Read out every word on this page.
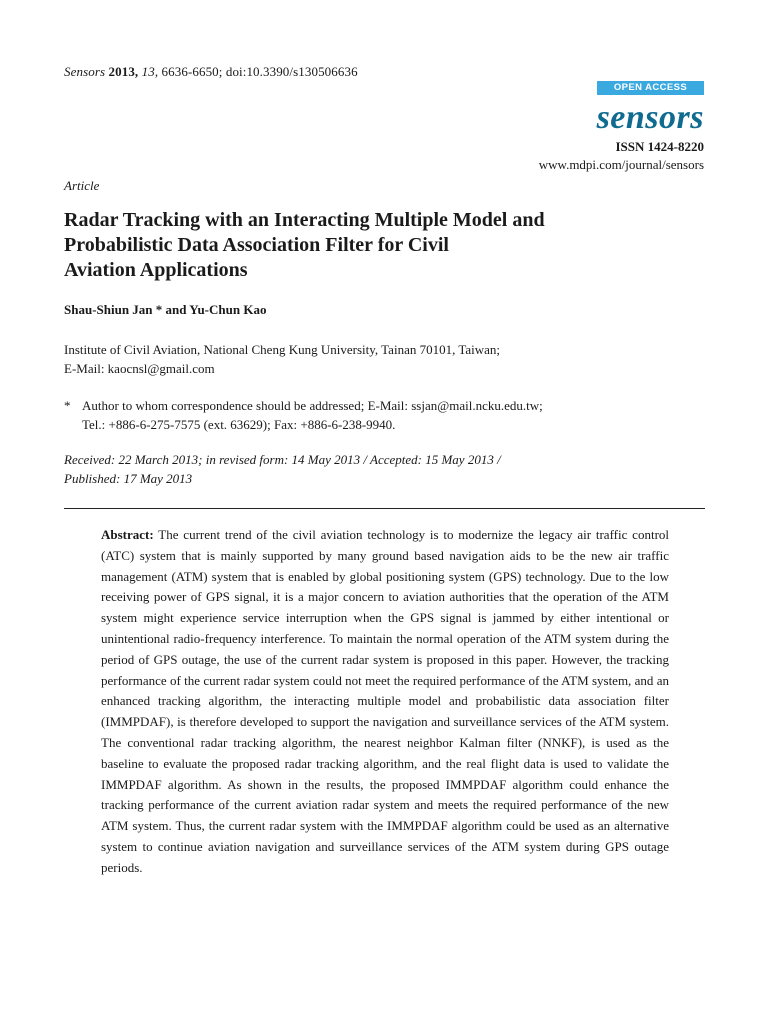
Sensors 2013, 13, 6636-6650; doi:10.3390/s130506636
OPEN ACCESS
sensors
ISSN 1424-8220
www.mdpi.com/journal/sensors
Article
Radar Tracking with an Interacting Multiple Model and
Probabilistic Data Association Filter for Civil
Aviation Applications
Shau-Shiun Jan * and Yu-Chun Kao
Institute of Civil Aviation, National Cheng Kung University, Tainan 70101, Taiwan;
E-Mail: kaocnsl@gmail.com
* Author to whom correspondence should be addressed; E-Mail: ssjan@mail.ncku.edu.tw;
Tel.: +886-6-275-7575 (ext. 63629); Fax: +886-6-238-9940.
Received: 22 March 2013; in revised form: 14 May 2013 / Accepted: 15 May 2013 /
Published: 17 May 2013

Abstract: The current trend of the civil aviation technology is to modernize the legacy air traffic control (ATC) system that is mainly supported by many ground based navigation aids to be the new air traffic management (ATM) system that is enabled by global positioning system (GPS) technology. Due to the low receiving power of GPS signal, it is a major concern to aviation authorities that the operation of the ATM system might experience service interruption when the GPS signal is jammed by either intentional or unintentional radio-frequency interference. To maintain the normal operation of the ATM system during the period of GPS outage, the use of the current radar system is proposed in this paper. However, the tracking performance of the current radar system could not meet the required performance of the ATM system, and an enhanced tracking algorithm, the interacting multiple model and probabilistic data association filter (IMMPDAF), is therefore developed to support the navigation and surveillance services of the ATM system. The conventional radar tracking algorithm, the nearest neighbor Kalman filter (NNKF), is used as the baseline to evaluate the proposed radar tracking algorithm, and the real flight data is used to validate the IMMPDAF algorithm. As shown in the results, the proposed IMMPDAF algorithm could enhance the tracking performance of the current aviation radar system and meets the required performance of the new ATM system. Thus, the current radar system with the IMMPDAF algorithm could be used as an alternative system to continue aviation navigation and surveillance services of the ATM system during GPS outage periods.
